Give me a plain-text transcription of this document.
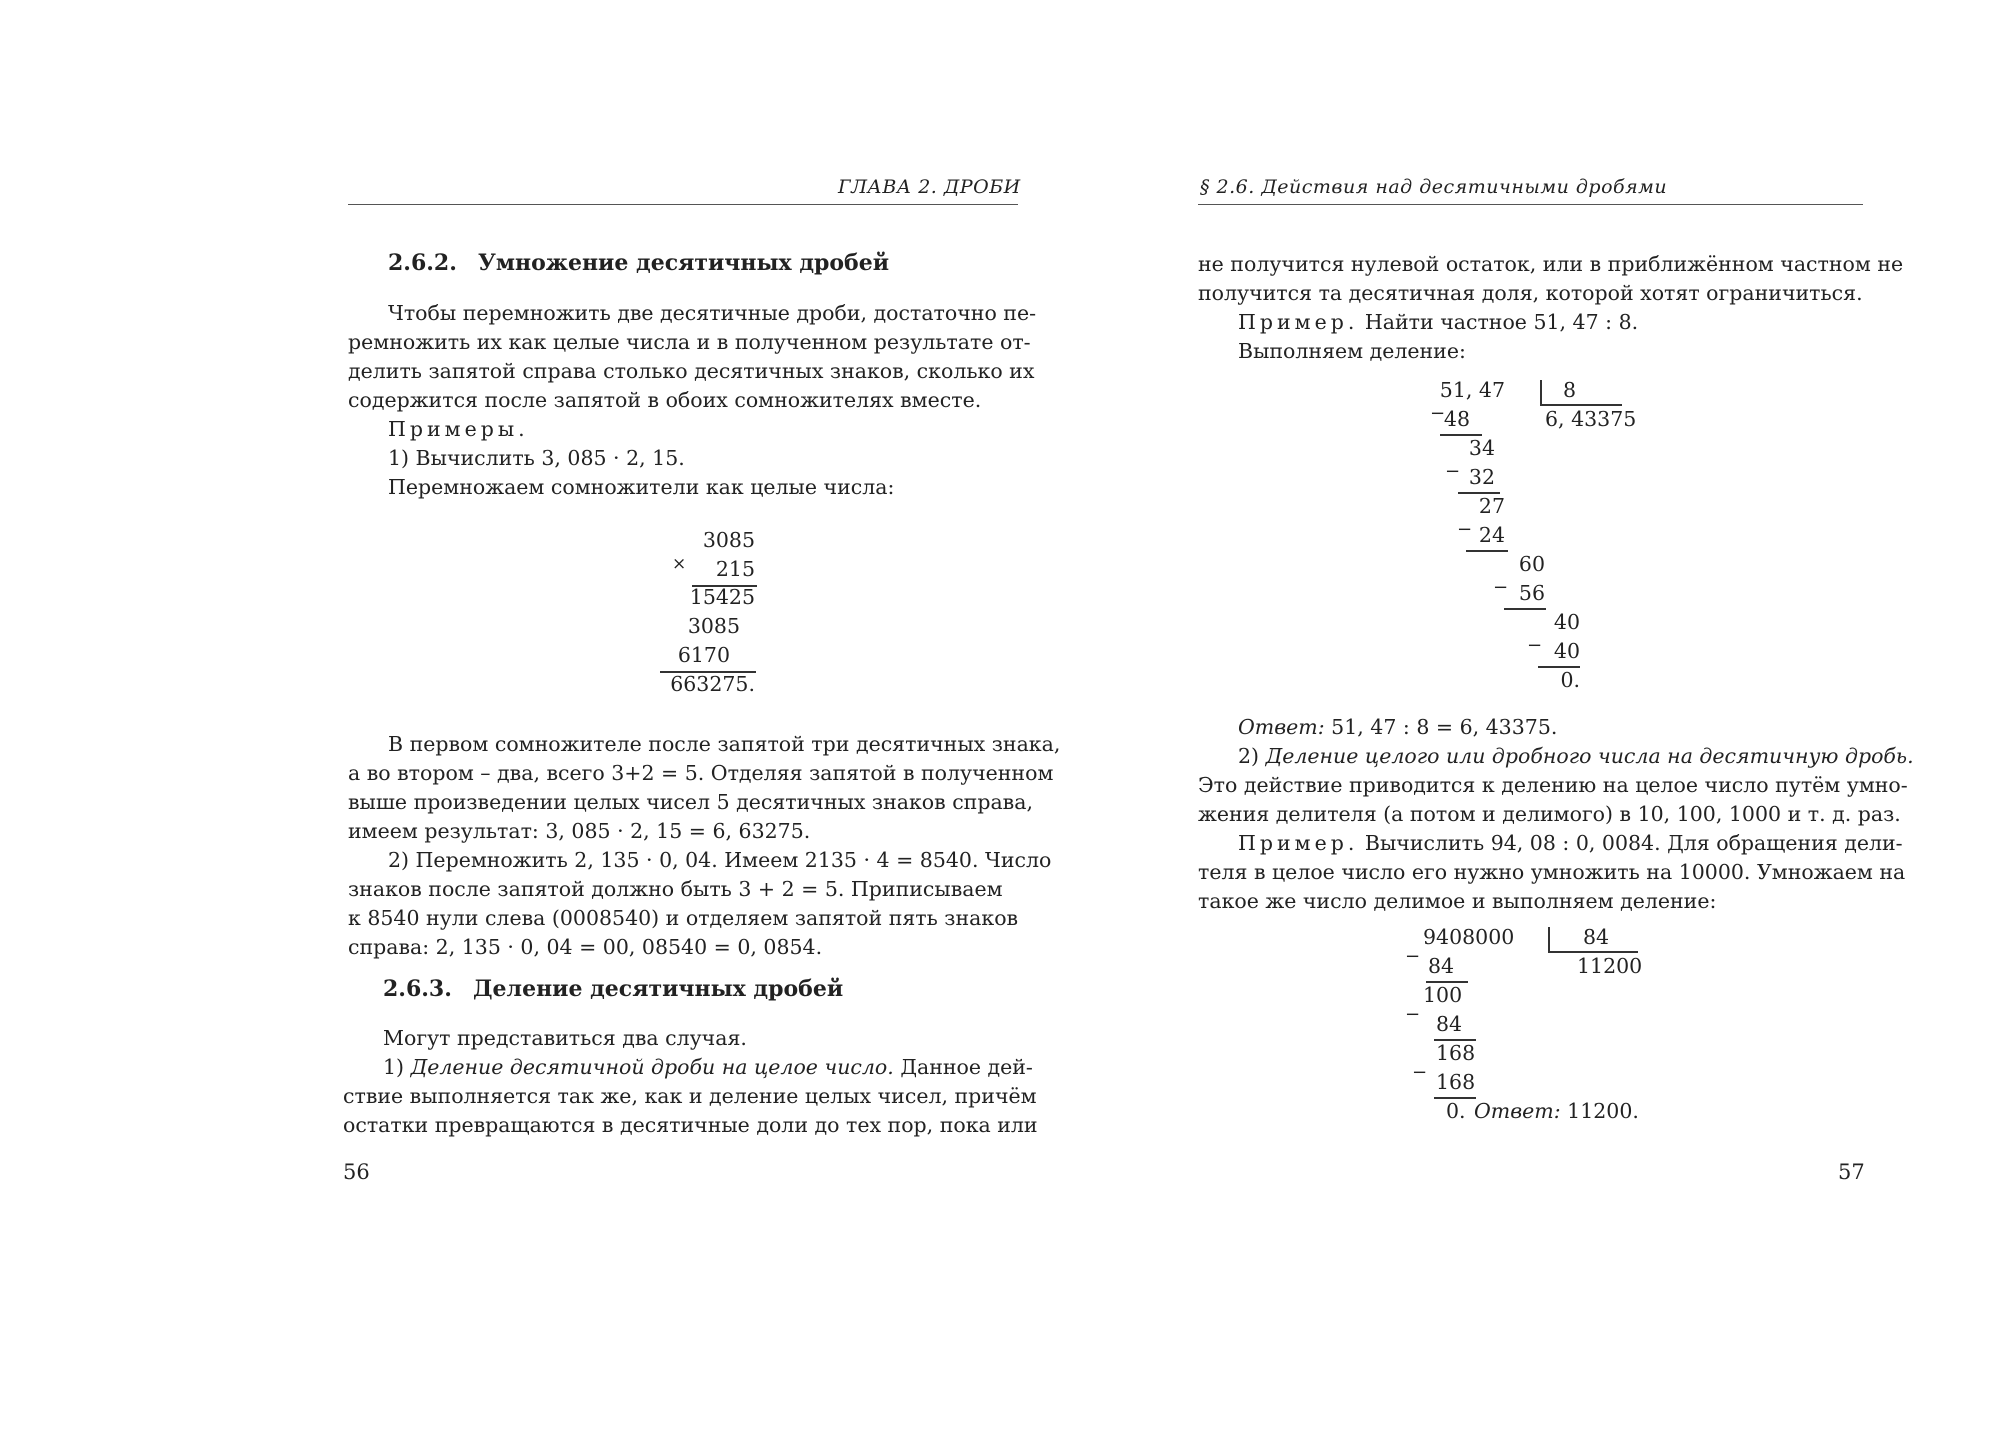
ГЛАВА 2. ДРОБИ
2.6.2. Умножение десятичных дробей
Чтобы перемножить две десятичные дроби, достаточно пе-
ремножить их как целые числа и в полученном результате от-
делить запятой справа столько десятичных знаков, сколько их
содержится после запятой в обоих сомножителях вместе.
Примеры.
1) Вычислить 3, 085 · 2, 15.
Перемножаем сомножители как целые числа:
3085
×	215
15425
3085
6170
663275.
В первом сомножителе после запятой три десятичных знака,
а во втором – два, всего 3+2 = 5. Отделяя запятой в полученном
выше произведении целых чисел 5 десятичных знаков справа,
имеем результат: 3, 085 · 2, 15 = 6, 63275.
2) Перемножить 2, 135 · 0, 04. Имеем 2135 · 4 = 8540. Число
знаков после запятой должно быть 3 + 2 = 5. Приписываем
к 8540 нули слева (0008540) и отделяем запятой пять знаков
справа: 2, 135 · 0, 04 = 00, 08540 = 0, 0854.
2.6.3. Деление десятичных дробей
Могут представиться два случая.
1) Деление десятичной дроби на целое число. Данное дей-
ствие выполняется так же, как и деление целых чисел, причём
остатки превращаются в десятичные доли до тех пор, пока или
56
§ 2.6. Действия над десятичными дробями
не получится нулевой остаток, или в приближённом частном не
получится та десятичная доля, которой хотят ограничиться.
Пример. Найти частное 51, 47 : 8.
Выполняем деление:
51, 47	8
6, 43375
−
48
34
− 32
27
− 24
60
− 56
40
− 40
0.
Ответ: 51, 47 : 8 = 6, 43375.
2) Деление целого или дробного числа на десятичную дробь.
Это действие приводится к делению на целое число путём умно-
жения делителя (а потом и делимого) в 10, 100, 1000 и т. д. раз.
Пример. Вычислить 94, 08 : 0, 0084. Для обращения дели-
теля в целое число его нужно умножить на 10000. Умножаем на
такое же число делимое и выполняем деление:
9408000	84
11200
− 84
100
− 84
168
− 168
0. Ответ: 11200.
57
